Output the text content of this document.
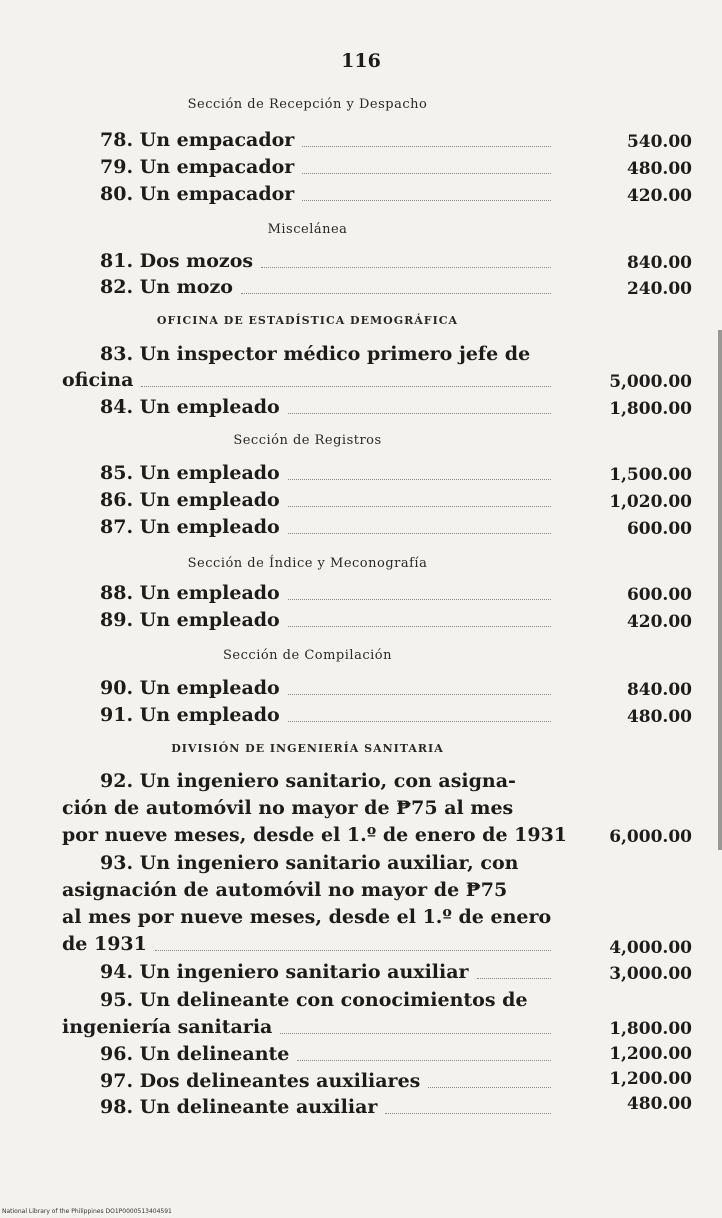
116
Sección de Recepción y Despacho
78. Un empacador	540.00
79. Un empacador	480.00
80. Un empacador	420.00
Miscelánea
81. Dos mozos	840.00
82. Un mozo	240.00
OFICINA DE ESTADÍSTICA DEMOGRÁFICA
83. Un inspector médico primero jefe de
oficina	5,000.00
84. Un empleado	1,800.00
Sección de Registros
85. Un empleado	1,500.00
86. Un empleado	1,020.00
87. Un empleado	600.00
Sección de Índice y Meconografía
88. Un empleado	600.00
89. Un empleado	420.00
Sección de Compilación
90. Un empleado	840.00
91. Un empleado	480.00
DIVISIÓN DE INGENIERÍA SANITARIA
92. Un ingeniero sanitario, con asigna-
ción de automóvil no mayor de ₱75 al mes
por nueve meses, desde el 1.º de enero de 1931	6,000.00
93. Un ingeniero sanitario auxiliar, con
asignación de automóvil no mayor de ₱75
al mes por nueve meses, desde el 1.º de enero
de 1931	4,000.00
94. Un ingeniero sanitario auxiliar	3,000.00
95. Un delineante con conocimientos de
ingeniería sanitaria	1,800.00
96. Un delineante	1,200.00
97. Dos delineantes auxiliares	1,200.00
98. Un delineante auxiliar	480.00
National Library of the Philippines DO1P0000513404591
